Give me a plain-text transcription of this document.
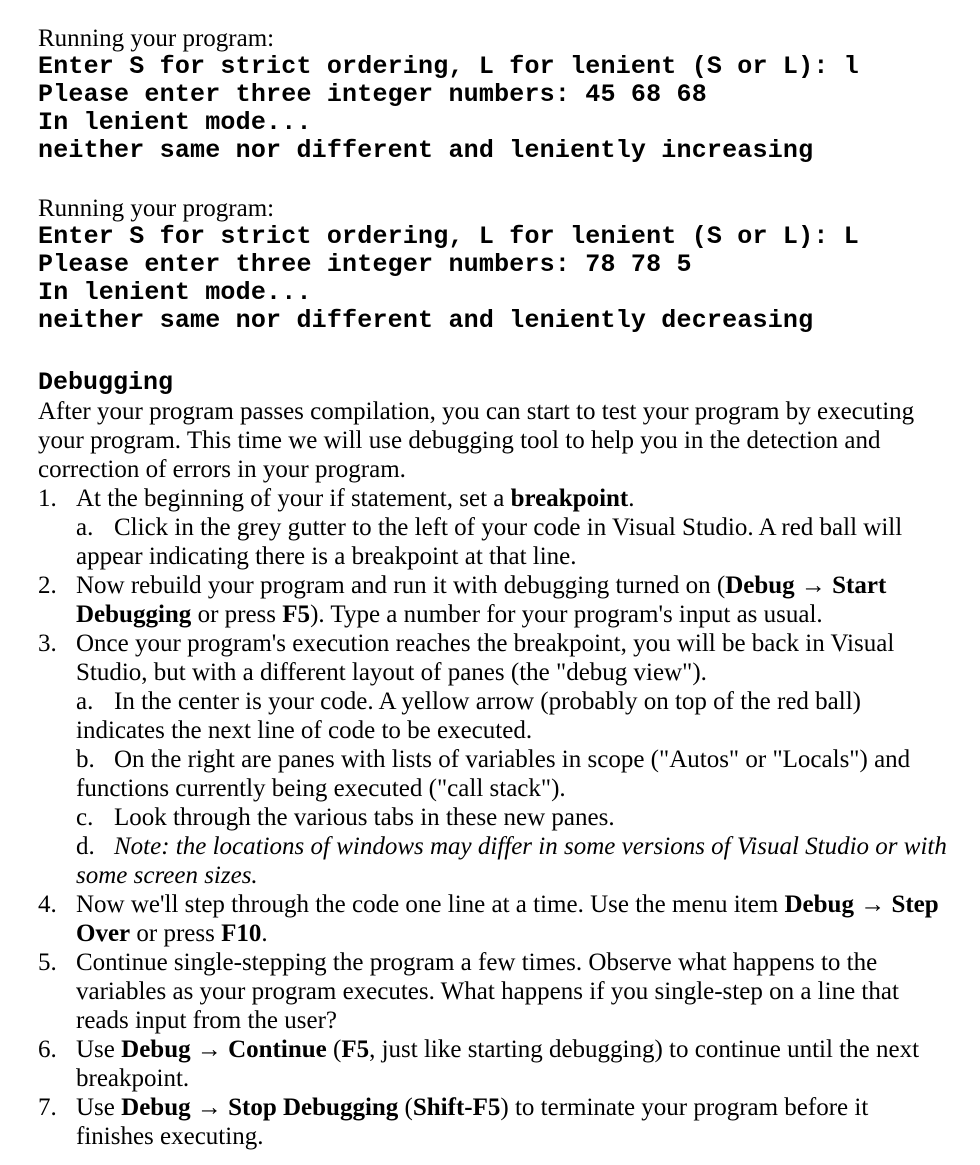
Running your program:
Enter S for strict ordering, L for lenient (S or L): l
Please enter three integer numbers: 45 68 68
In lenient mode...
neither same nor different and leniently increasing
Running your program:
Enter S for strict ordering, L for lenient (S or L): L
Please enter three integer numbers: 78 78 5
In lenient mode...
neither same nor different and leniently decreasing
Debugging

After your program passes compilation, you can start to test your program by executing your program. This time we will use debugging tool to help you in the detection and correction of errors in your program.

1. At the beginning of your if statement, set a breakpoint.
a. Click in the grey gutter to the left of your code in Visual Studio. A red ball will appear indicating there is a breakpoint at that line.
2. Now rebuild your program and run it with debugging turned on (Debug → Start Debugging or press F5). Type a number for your program's input as usual.
3. Once your program's execution reaches the breakpoint, you will be back in Visual Studio, but with a different layout of panes (the "debug view").
a. In the center is your code. A yellow arrow (probably on top of the red ball) indicates the next line of code to be executed.
b. On the right are panes with lists of variables in scope ("Autos" or "Locals") and functions currently being executed ("call stack").
c. Look through the various tabs in these new panes.
d. Note: the locations of windows may differ in some versions of Visual Studio or with some screen sizes.
4. Now we'll step through the code one line at a time. Use the menu item Debug → Step Over or press F10.
5. Continue single-stepping the program a few times. Observe what happens to the variables as your program executes. What happens if you single-step on a line that reads input from the user?
6. Use Debug → Continue (F5, just like starting debugging) to continue until the next breakpoint.
7. Use Debug → Stop Debugging (Shift-F5) to terminate your program before it finishes executing.
